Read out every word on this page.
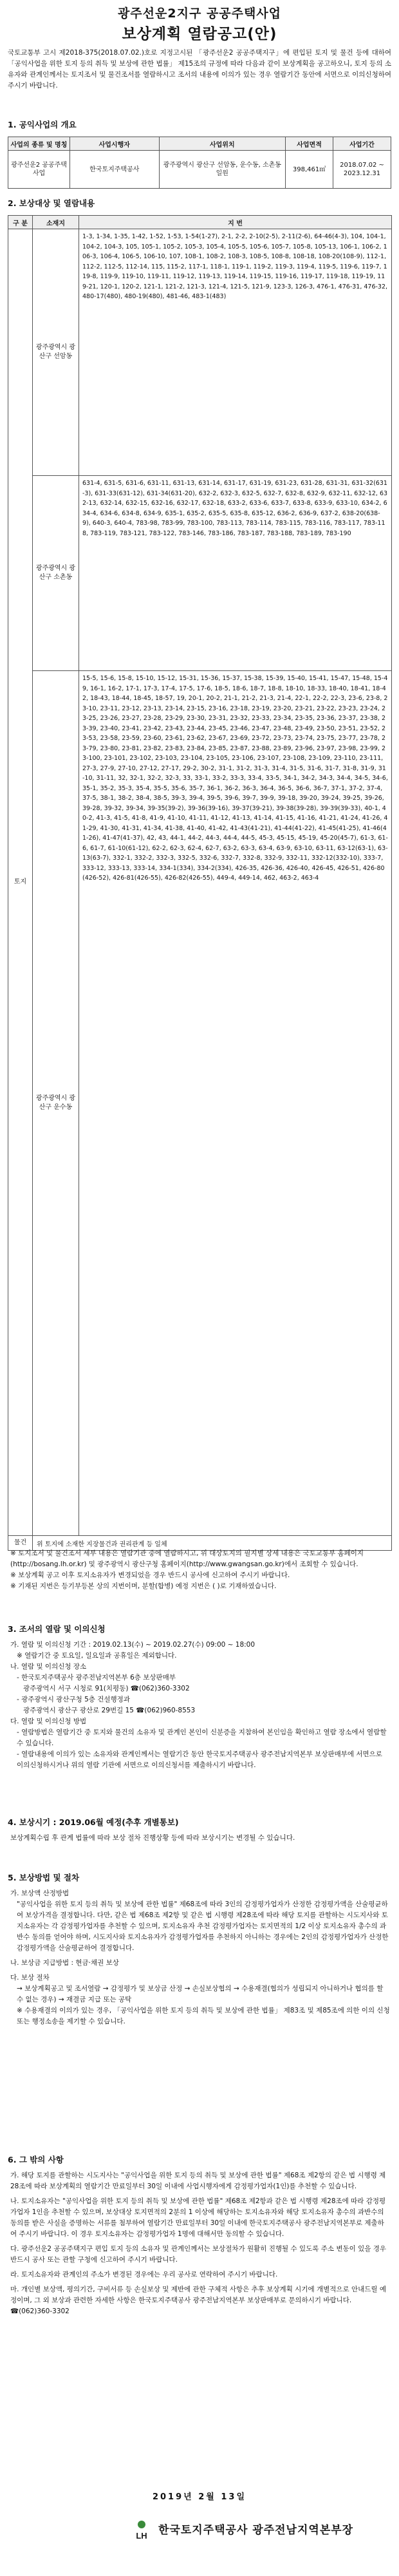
광주선운2지구 공공주택사업
보상계획 열람공고(안)
국토교통부 고시 제2018-375(2018.07.02.)호로 지정고시된 「광주선운2 공공주택지구」에 편입된 토지 및 물건 등에 대하여 「공익사업을 위한 토지 등의 취득 및 보상에 관한 법률」 제15조의 규정에 따라 다음과 같이 보상계획을 공고하오니, 토지 등의 소유자와 관계인께서는 토지조서 및 물건조서를 열람하시고 조서의 내용에 이의가 있는 경우 열람기간 동안에 서면으로 이의신청하여 주시기 바랍니다.
1. 공익사업의 개요
사업의 종류 및 명칭	사업시행자	사업위치	사업면적	사업기간
광주선운2 공공주택사업	한국토지주택공사	광주광역시 광산구 선암동, 운수동, 소촌동 일원	398,461㎡	2018.07.02 ~ 2023.12.31
2. 보상대상 및 열람내용
구 분	소재지	지 번
토지	광주광역시 광산구 선암동	1-3, 1-34, 1-35, 1-42, 1-52, 1-53, 1-54(1-27), 2-1, 2-2, 2-10(2-5), 2-11(2-6), 64-46(4-3), 104, 104-1, 104-2, 104-3, 105, 105-1, 105-2, 105-3, 105-4, 105-5, 105-6, 105-7, 105-8, 105-13, 106-1, 106-2, 106-3, 106-4, 106-5, 106-10, 107, 108-1, 108-2, 108-3, 108-5, 108-8, 108-18, 108-20(108-9), 112-1, 112-2, 112-5, 112-14, 115, 115-2, 117-1, 118-1, 119-1, 119-2, 119-3, 119-4, 119-5, 119-6, 119-7, 119-8, 119-9, 119-10, 119-11, 119-12, 119-13, 119-14, 119-15, 119-16, 119-17, 119-18, 119-19, 119-21, 120-1, 120-2, 121-1, 121-2, 121-3, 121-4, 121-5, 121-9, 123-3, 126-3, 476-1, 476-31, 476-32, 480-17(480), 480-19(480), 481-46, 483-1(483)
	광주광역시 광산구 소촌동	631-4, 631-5, 631-6, 631-11, 631-13, 631-14, 631-17, 631-19, 631-23, 631-28, 631-31, 631-32(631-3), 631-33(631-12), 631-34(631-20), 632-2, 632-3, 632-5, 632-7, 632-8, 632-9, 632-11, 632-12, 632-13, 632-14, 632-15, 632-16, 632-17, 632-18, 633-2, 633-6, 633-7, 633-8, 633-9, 633-10, 634-2, 634-4, 634-6, 634-8, 634-9, 635-1, 635-2, 635-5, 635-8, 635-12, 636-2, 636-9, 637-2, 638-20(638-9), 640-3, 640-4, 783-98, 783-99, 783-100, 783-113, 783-114, 783-115, 783-116, 783-117, 783-118, 783-119, 783-121, 783-122, 783-146, 783-186, 783-187, 783-188, 783-189, 783-190
	광주광역시 광산구 운수동	15-5, 15-6, 15-8, 15-10, 15-12, 15-31, 15-36, 15-37, 15-38, 15-39, 15-40, 15-41, 15-47, 15-48, 15-49, 16-1, 16-2, 17-1, 17-3, 17-4, 17-5, 17-6, 18-5, 18-6, 18-7, 18-8, 18-10, 18-33, 18-40, 18-41, 18-42, 18-43, 18-44, 18-45, 18-57, 19, 20-1, 20-2, 21-1, 21-2, 21-3, 21-4, 22-1, 22-2, 22-3, 23-6, 23-8, 23-10, 23-11, 23-12, 23-13, 23-14, 23-15, 23-16, 23-18, 23-19, 23-20, 23-21, 23-22, 23-23, 23-24, 23-25, 23-26, 23-27, 23-28, 23-29, 23-30, 23-31, 23-32, 23-33, 23-34, 23-35, 23-36, 23-37, 23-38, 23-39, 23-40, 23-41, 23-42, 23-43, 23-44, 23-45, 23-46, 23-47, 23-48, 23-49, 23-50, 23-51, 23-52, 23-53, 23-58, 23-59, 23-60, 23-61, 23-62, 23-67, 23-69, 23-72, 23-73, 23-74, 23-75, 23-77, 23-78, 23-79, 23-80, 23-81, 23-82, 23-83, 23-84, 23-85, 23-87, 23-88, 23-89, 23-96, 23-97, 23-98, 23-99, 23-100, 23-101, 23-102, 23-103, 23-104, 23-105, 23-106, 23-107, 23-108, 23-109, 23-110, 23-111, 27-3, 27-9, 27-10, 27-12, 27-17, 29-2, 30-2, 31-1, 31-2, 31-3, 31-4, 31-5, 31-6, 31-7, 31-8, 31-9, 31-10, 31-11, 32, 32-1, 32-2, 32-3, 33, 33-1, 33-2, 33-3, 33-4, 33-5, 34-1, 34-2, 34-3, 34-4, 34-5, 34-6, 35-1, 35-2, 35-3, 35-4, 35-5, 35-6, 35-7, 36-1, 36-2, 36-3, 36-4, 36-5, 36-6, 36-7, 37-1, 37-2, 37-4, 37-5, 38-1, 38-2, 38-4, 38-5, 39-3, 39-4, 39-5, 39-6, 39-7, 39-9, 39-18, 39-20, 39-24, 39-25, 39-26, 39-28, 39-32, 39-34, 39-35(39-2), 39-36(39-16), 39-37(39-21), 39-38(39-28), 39-39(39-33), 40-1, 40-2, 41-3, 41-5, 41-8, 41-9, 41-10, 41-11, 41-12, 41-13, 41-14, 41-15, 41-16, 41-21, 41-24, 41-26, 41-29, 41-30, 41-31, 41-34, 41-38, 41-40, 41-42, 41-43(41-21), 41-44(41-22), 41-45(41-25), 41-46(41-26), 41-47(41-37), 42, 43, 44-1, 44-2, 44-3, 44-4, 44-5, 45-3, 45-15, 45-19, 45-20(45-7), 61-3, 61-6, 61-7, 61-10(61-12), 62-2, 62-3, 62-4, 62-7, 63-2, 63-3, 63-4, 63-9, 63-10, 63-11, 63-12(63-1), 63-13(63-7), 332-1, 332-2, 332-3, 332-5, 332-6, 332-7, 332-8, 332-9, 332-11, 332-12(332-10), 333-7, 333-12, 333-13, 333-14, 334-1(334), 334-2(334), 426-35, 426-36, 426-40, 426-45, 426-51, 426-80(426-52), 426-81(426-55), 426-82(426-55), 449-4, 449-14, 462, 463-2, 463-4
물건	위 토지에 소재한 지장물건과 권리관계 등 일체	
※ 토지조서 및 물건조서 세부 내용은 열람기관 중에 열람하시고, 위 대상토지의 필지별 상세 내용은 국토교통부 홈페이지(http://bosang.lh.or.kr) 및 광주광역시 광산구청 홈페이지(http://www.gwangsan.go.kr)에서 조회할 수 있습니다.
※ 보상계획 공고 이후 토지소유자가 변경되었을 경우 반드시 공사에 신고하여 주시기 바랍니다.
※ 기재된 지번은 등기부등본 상의 지번이며, 분할(합병) 예정 지번은 ( )로 기재하였습니다.
3. 조서의 열람 및 이의신청
가. 열람 및 이의신청 기간 : 2019.02.13(수) ~ 2019.02.27(수) 09:00 ~ 18:00
※ 열람기간 중 토요일, 일요일과 공휴일은 제외합니다.
나. 열람 및 이의신청 장소
- 한국토지주택공사 광주전남지역본부 6층 보상판매부
광주광역시 서구 시청로 91(치평동) ☎(062)360-3302
- 광주광역시 광산구청 5층 건설행정과
광주광역시 광산구 광산로 29번길 15 ☎(062)960-8553
다. 열람 및 이의신청 방법
- 열람방법은 열람기간 중 토지와 물건의 소유자 및 관계인 본인이 신분증을 지참하여 본인임을 확인하고 열람 장소에서 열람할 수 있습니다.
- 열람내용에 이의가 있는 소유자와 관계인께서는 열람기간 동안 한국토지주택공사 광주전남지역본부 보상판매부에 서면으로 이의신청하시거나 위의 열람 기관에 서면으로 이의신청서를 제출하시기 바랍니다.
4. 보상시기 : 2019.06월 예정(추후 개별통보)
보상계획수립 후 관계 법률에 따라 보상 절차 진행상황 등에 따라 보상시기는 변경될 수 있습니다.
5. 보상방법 및 절차
가. 보상액 산정방법
"공익사업을 위한 토지 등의 취득 및 보상에 관한 법률" 제68조에 따라 3인의 감정평가업자가 산정한 감정평가액을 산술평균하여 보상가격을 결정합니다. 다만, 같은 법 제68조 제2항 및 같은 법 시행령 제28조에 따라 해당 토지를 관할하는 시도지사와 토지소유자는 각 감정평가업자를 추천할 수 있으며, 토지소유자 추천 감정평가업자는 토지면적의 1/2 이상 토지소유자 총수의 과반수 동의를 얻어야 하며, 시도지사와 토지소유자가 감정평가업자를 추천하지 아니하는 경우에는 2인의 감정평가업자가 산정한 감정평가액을 산술평균하여 결정합니다.
나. 보상금 지급방법 : 현금·채권 보상
다. 보상 절차
→ 보상계획공고 및 조서열람 → 감정평가 및 보상금 산정 → 손실보상협의 → 수용재결(협의가 성립되지 아니하거나 협의를 할 수 없는 경우) → 재결금 지급 또는 공탁
※ 수용재결의 이의가 있는 경우, 「공익사업을 위한 토지 등의 취득 및 보상에 관한 법률」 제83조 및 제85조에 의한 이의 신청 또는 행정소송을 제기할 수 있습니다.
6. 그 밖의 사항
가. 해당 토지를 관할하는 시도지사는 "공익사업을 위한 토지 등의 취득 및 보상에 관한 법률" 제68조 제2항의 같은 법 시행령 제28조에 따라 보상계획의 열람기간 만료일부터 30일 이내에 사업시행자에게 감정평가업자(1인)를 추천할 수 있습니다.
나. 토지소유자는 "공익사업을 위한 토지 등의 취득 및 보상에 관한 법률" 제68조 제2항과 같은 법 시행령 제28조에 따라 감정평가업자 1인을 추천할 수 있으며, 보상대상 토지면적의 2분의 1 이상에 해당하는 토지소유자와 해당 토지소유자 총수의 과반수의 동의를 받은 사실을 증명하는 서류를 첨부하여 열람기간 만료일부터 30일 이내에 한국토지주택공사 광주전남지역본부로 제출하여 주시기 바랍니다. 이 경우 토지소유자는 감정평가업자 1명에 대해서만 동의할 수 있습니다.
다. 광주선운2 공공주택지구 편입 토지 등의 소유자 및 관계인께서는 보상절차가 원활히 진행될 수 있도록 주소 변동이 있을 경우 반드시 공사 또는 관할 구청에 신고하여 주시기 바랍니다.
라. 토지소유자와 관계인의 주소가 변경된 경우에는 우리 공사로 연락하여 주시기 바랍니다.
마. 개인별 보상액, 평의기간, 구비서류 등 손실보상 및 제반에 관한 구체적 사항은 추후 보상계획 시기에 개별적으로 안내드릴 예정이며, 그 외 보상과 관련한 자세한 사항은 한국토지주택공사 광주전남지역본부 보상판매부로 문의하시기 바랍니다. ☎(062)360-3302
2019년 2월 13일
LH 한국토지주택공사 광주전남지역본부장
